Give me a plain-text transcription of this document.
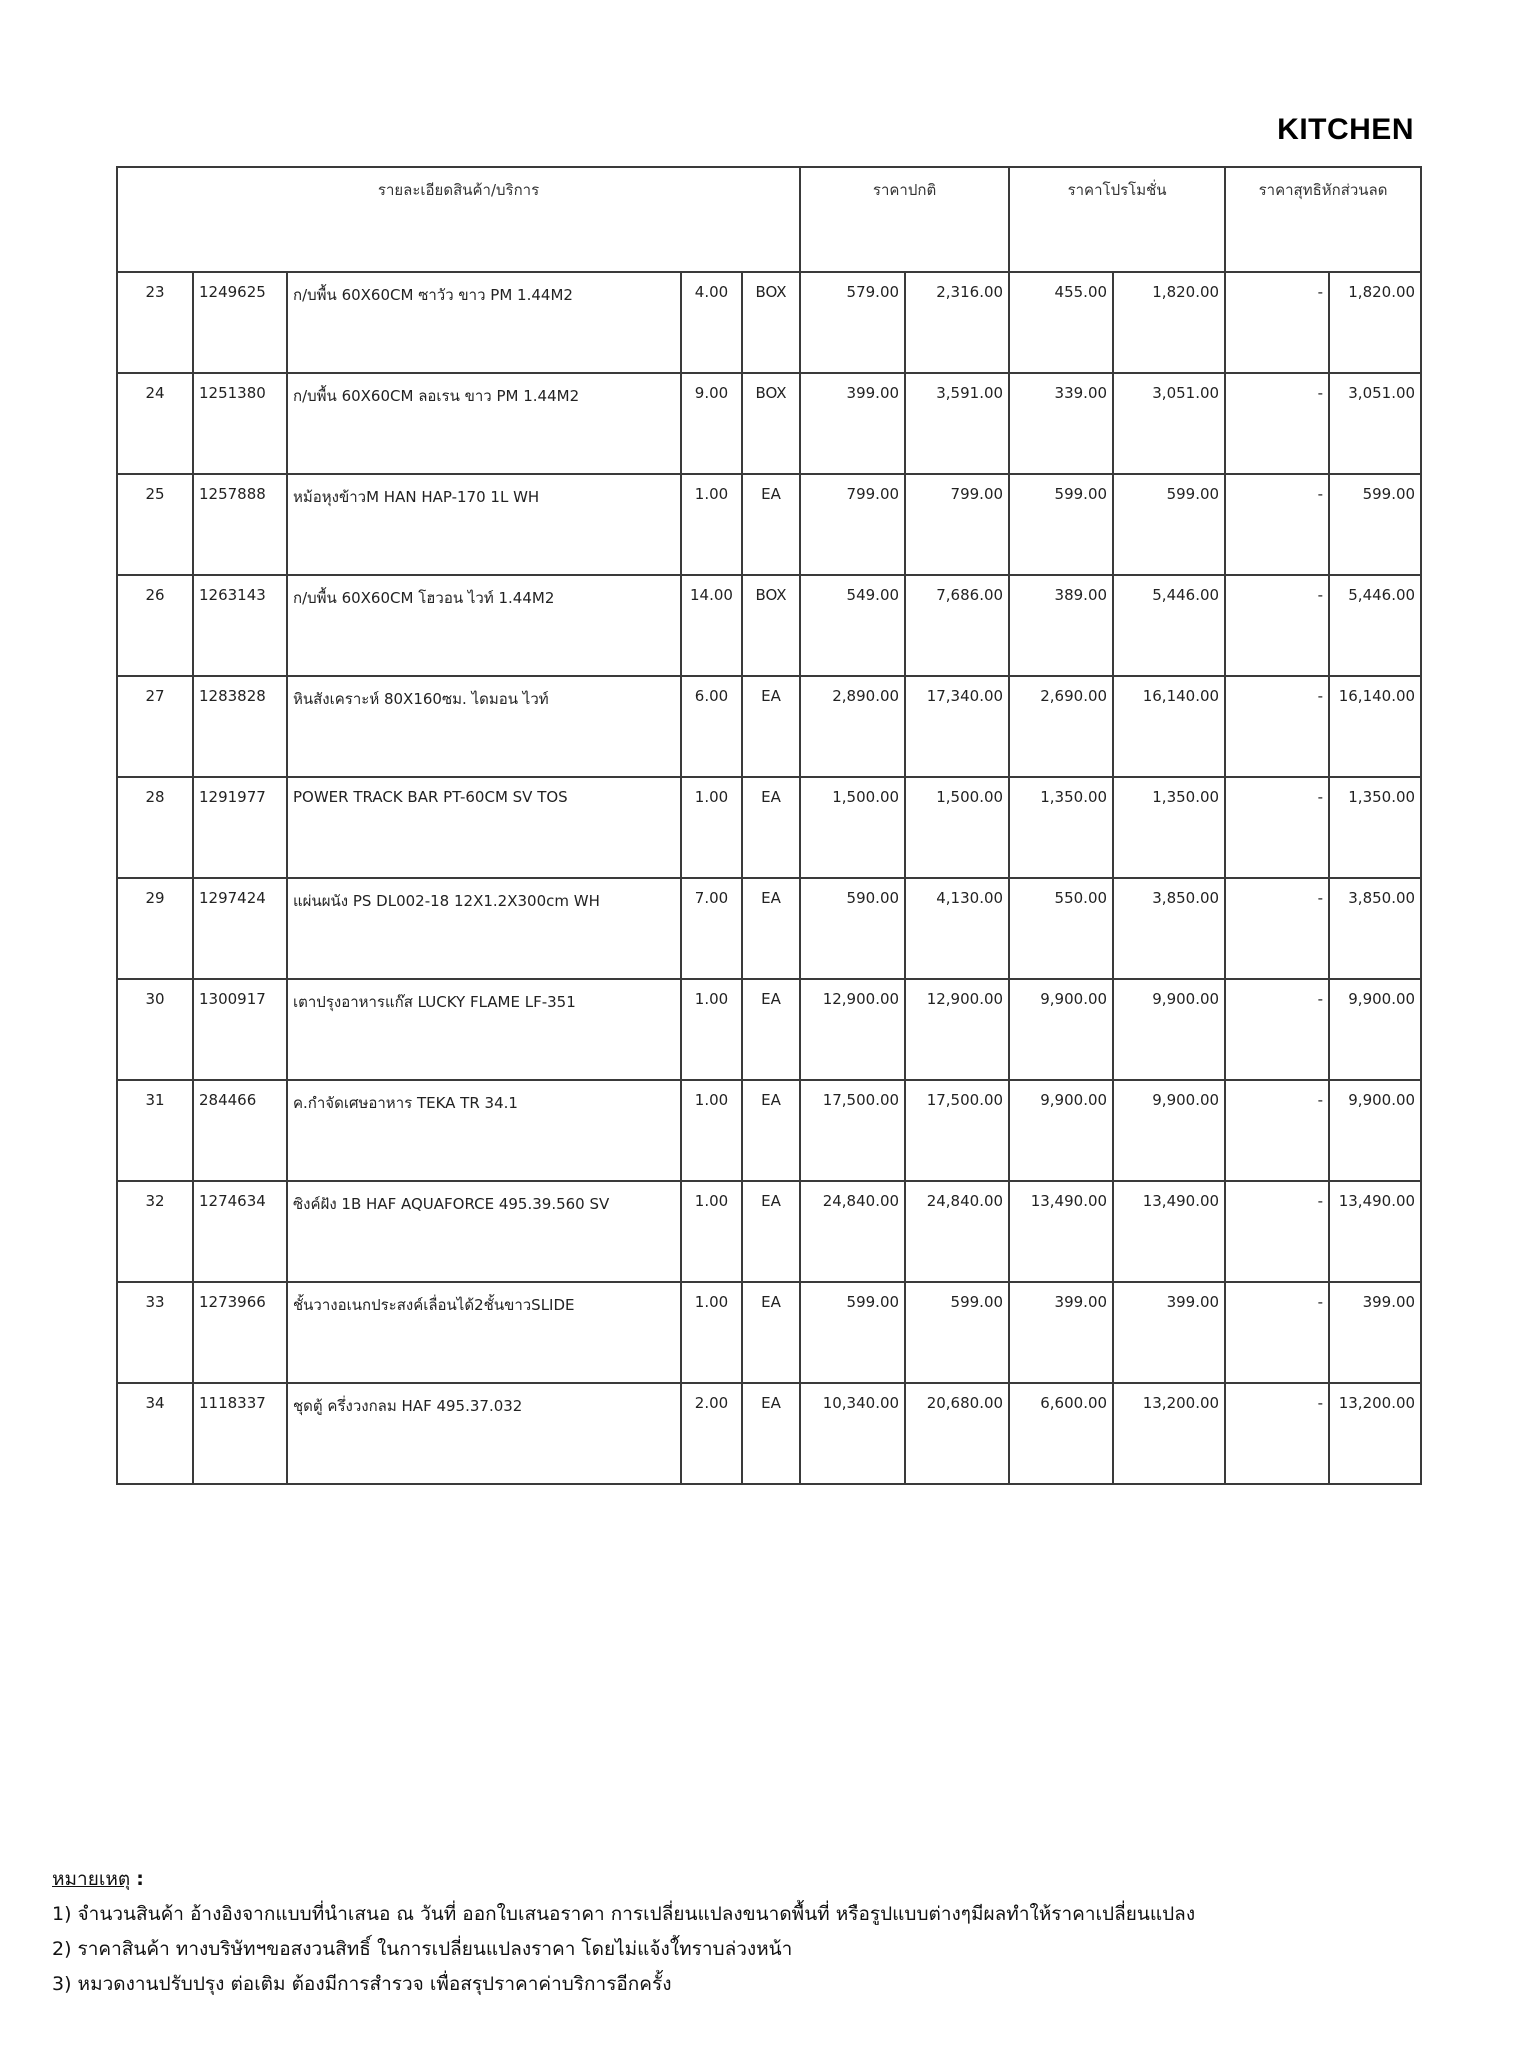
KITCHEN
รายละเอียดสินค้า/บริการ					ราคาปกติ		ราคาโปรโมชั่น		ราคาสุทธิหักส่วนลด	
23	1249625	ก/บพื้น 60X60CM ซาวัว ขาว PM 1.44M2	4.00	BOX	579.00	2,316.00	455.00	1,820.00	-	1,820.00
24	1251380	ก/บพื้น 60X60CM ลอเรน ขาว PM 1.44M2	9.00	BOX	399.00	3,591.00	339.00	3,051.00	-	3,051.00
25	1257888	หม้อหุงข้าวM HAN HAP-170 1L WH	1.00	EA	799.00	799.00	599.00	599.00	-	599.00
26	1263143	ก/บพื้น 60X60CM โฮวอน ไวท์ 1.44M2	14.00	BOX	549.00	7,686.00	389.00	5,446.00	-	5,446.00
27	1283828	หินสังเคราะห์ 80X160ซม. ไดมอน ไวท์	6.00	EA	2,890.00	17,340.00	2,690.00	16,140.00	-	16,140.00
28	1291977	POWER TRACK BAR PT-60CM SV TOS	1.00	EA	1,500.00	1,500.00	1,350.00	1,350.00	-	1,350.00
29	1297424	แผ่นผนัง PS DL002-18 12X1.2X300cm WH	7.00	EA	590.00	4,130.00	550.00	3,850.00	-	3,850.00
30	1300917	เตาปรุงอาหารแก๊ส LUCKY FLAME LF-351	1.00	EA	12,900.00	12,900.00	9,900.00	9,900.00	-	9,900.00
31	284466	ค.กำจัดเศษอาหาร TEKA TR 34.1	1.00	EA	17,500.00	17,500.00	9,900.00	9,900.00	-	9,900.00
32	1274634	ซิงค์ฝัง 1B HAF AQUAFORCE 495.39.560 SV	1.00	EA	24,840.00	24,840.00	13,490.00	13,490.00	-	13,490.00
33	1273966	ชั้นวางอเนกประสงค์เลื่อนได้2ชั้นขาวSLIDE	1.00	EA	599.00	599.00	399.00	399.00	-	399.00
34	1118337	ชุดตู้ ครึ่งวงกลม HAF 495.37.032	2.00	EA	10,340.00	20,680.00	6,600.00	13,200.00	-	13,200.00
หมายเหตุ :
1) จำนวนสินค้า อ้างอิงจากแบบที่นำเสนอ ณ วันที่ ออกใบเสนอราคา การเปลี่ยนแปลงขนาดพื้นที่ หรือรูปแบบต่างๆมีผลทำให้ราคาเปลี่ยนแปลง
2) ราคาสินค้า ทางบริษัทฯขอสงวนสิทธิ์ ในการเปลี่ยนแปลงราคา โดยไม่แจ้งใ้ทราบล่วงหน้า
3) หมวดงานปรับปรุง ต่อเติม ต้องมีการสำรวจ เพื่อสรุปราคาค่าบริการอีกครั้ง
